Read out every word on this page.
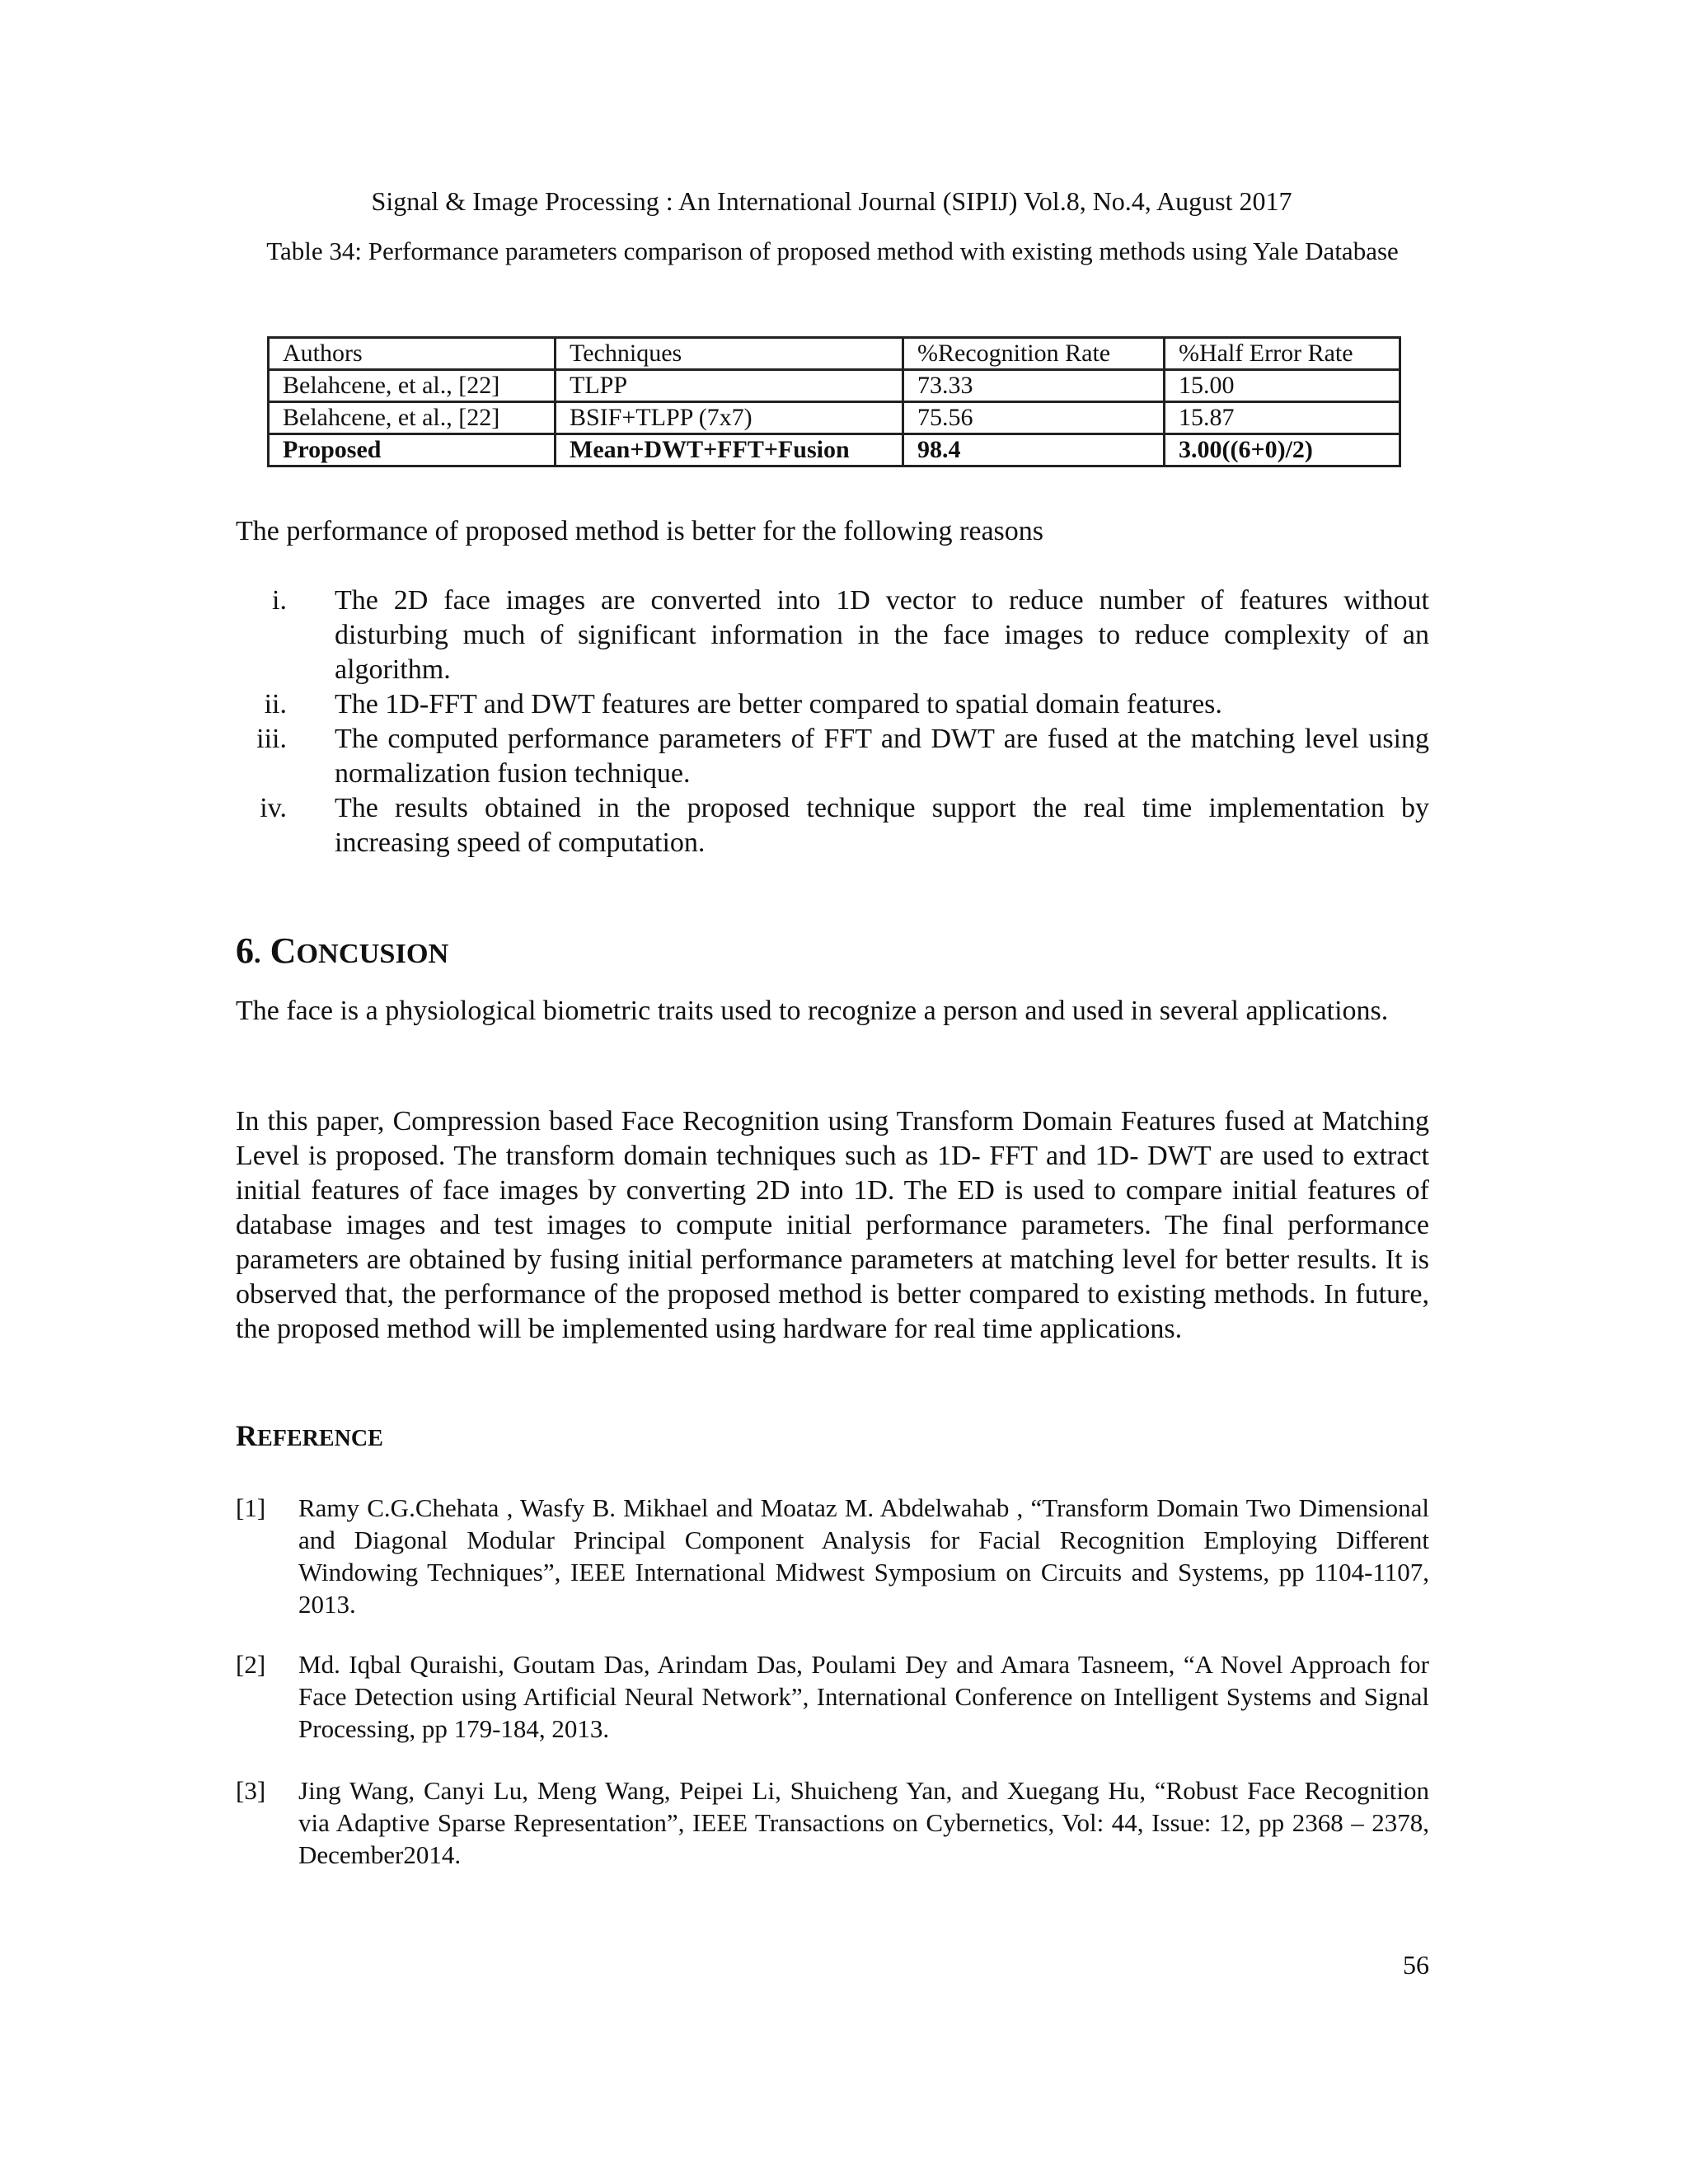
Signal & Image Processing : An International Journal (SIPIJ) Vol.8, No.4, August 2017
Table 34: Performance parameters comparison of proposed method with existing methods using Yale Database
Authors	Techniques	%Recognition Rate	%Half Error Rate
Belahcene, et al., [22]	TLPP	73.33	15.00
Belahcene, et al., [22]	BSIF+TLPP (7x7)	75.56	15.87
Proposed	Mean+DWT+FFT+Fusion	98.4	3.00((6+0)/2)
The performance of proposed method is better for the following reasons
i. The 2D face images are converted into 1D vector to reduce number of features without disturbing much of significant information in the face images to reduce complexity of an algorithm.
ii. The 1D-FFT and DWT features are better compared to spatial domain features.
iii. The computed performance parameters of FFT and DWT are fused at the matching level using normalization fusion technique.
iv. The results obtained in the proposed technique support the real time implementation by increasing speed of computation.
6. CONCUSION

The face is a physiological biometric traits used to recognize a person and used in several applications.

In this paper, Compression based Face Recognition using Transform Domain Features fused at Matching Level is proposed. The transform domain techniques such as 1D- FFT and 1D- DWT are used to extract initial features of face images by converting 2D into 1D. The ED is used to compare initial features of database images and test images to compute initial performance parameters. The final performance parameters are obtained by fusing initial performance parameters at matching level for better results. It is observed that, the performance of the proposed method is better compared to existing methods. In future, the proposed method will be implemented using hardware for real time applications.

REFERENCE
[1] Ramy C.G.Chehata , Wasfy B. Mikhael and Moataz M. Abdelwahab , “Transform Domain Two Dimensional and Diagonal Modular Principal Component Analysis for Facial Recognition Employing Different Windowing Techniques”, IEEE International Midwest Symposium on Circuits and Systems, pp 1104-1107, 2013.
[2] Md. Iqbal Quraishi, Goutam Das, Arindam Das, Poulami Dey and Amara Tasneem, “A Novel Approach for Face Detection using Artificial Neural Network”, International Conference on Intelligent Systems and Signal Processing, pp 179-184, 2013.
[3] Jing Wang, Canyi Lu, Meng Wang, Peipei Li, Shuicheng Yan, and Xuegang Hu, “Robust Face Recognition via Adaptive Sparse Representation”, IEEE Transactions on Cybernetics, Vol: 44, Issue: 12, pp 2368 – 2378, December2014.
56
